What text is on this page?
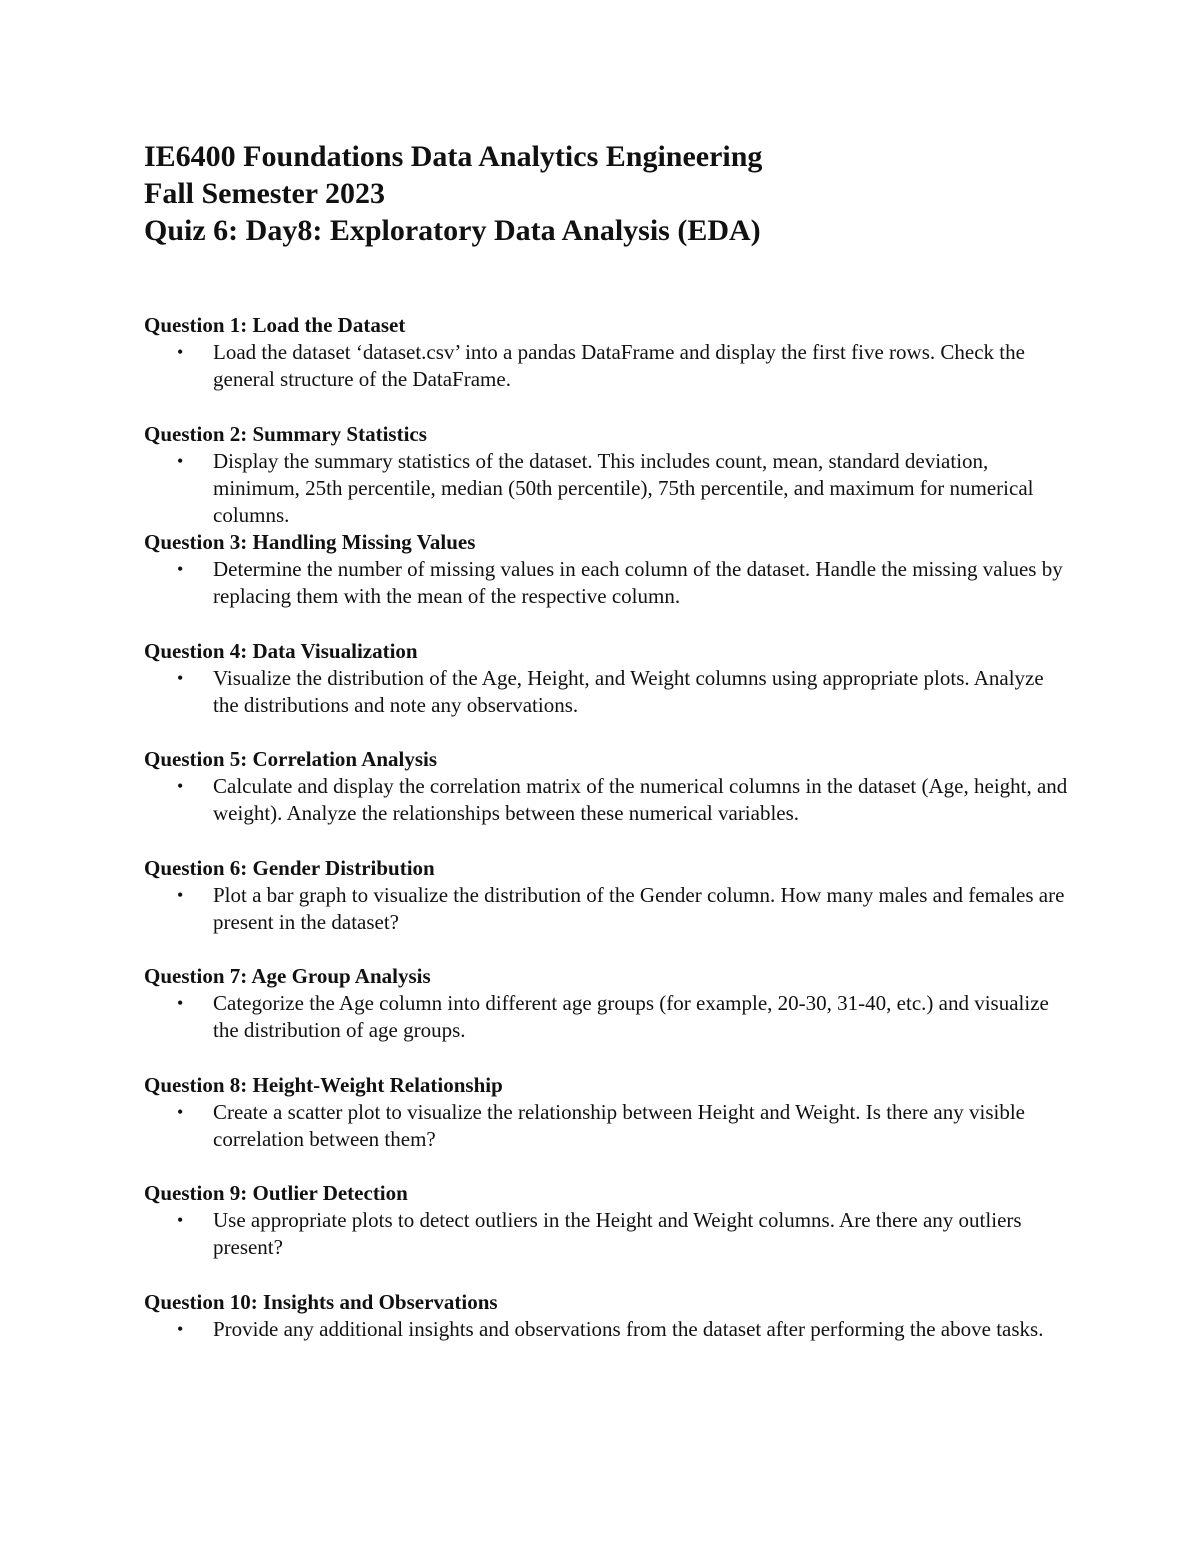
IE6400 Foundations Data Analytics Engineering
Fall Semester 2023
Quiz 6: Day8: Exploratory Data Analysis (EDA)
Question 1: Load the Dataset
• Load the dataset ‘dataset.csv’ into a pandas DataFrame and display the first five rows. Check the general structure of the DataFrame.
Question 2: Summary Statistics
• Display the summary statistics of the dataset. This includes count, mean, standard deviation, minimum, 25th percentile, median (50th percentile), 75th percentile, and maximum for numerical columns.
Question 3: Handling Missing Values
• Determine the number of missing values in each column of the dataset. Handle the missing values by replacing them with the mean of the respective column.
Question 4: Data Visualization
• Visualize the distribution of the Age, Height, and Weight columns using appropriate plots. Analyze the distributions and note any observations.
Question 5: Correlation Analysis
• Calculate and display the correlation matrix of the numerical columns in the dataset (Age, height, and weight). Analyze the relationships between these numerical variables.
Question 6: Gender Distribution
• Plot a bar graph to visualize the distribution of the Gender column. How many males and females are present in the dataset?
Question 7: Age Group Analysis
• Categorize the Age column into different age groups (for example, 20-30, 31-40, etc.) and visualize the distribution of age groups.
Question 8: Height-Weight Relationship
• Create a scatter plot to visualize the relationship between Height and Weight. Is there any visible correlation between them?
Question 9: Outlier Detection
• Use appropriate plots to detect outliers in the Height and Weight columns. Are there any outliers present?
Question 10: Insights and Observations
• Provide any additional insights and observations from the dataset after performing the above tasks.
